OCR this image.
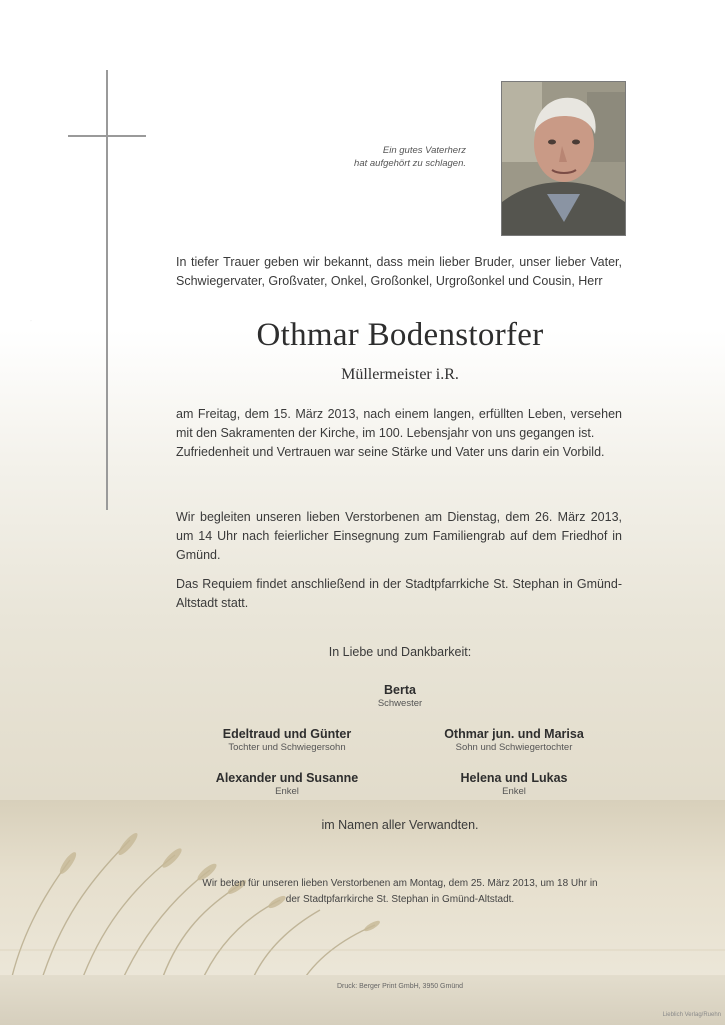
Ein gutes Vaterherz
hat aufgehört zu schlagen.

In tiefer Trauer geben wir bekannt, dass mein lieber Bruder, unser lieber Vater, Schwiegervater, Großvater, Onkel, Großonkel, Urgroßonkel und Cousin, Herr

Othmar Bodenstorfer
Müllermeister i.R.
am Freitag, dem 15. März 2013, nach einem langen, erfüllten Leben, versehen mit den Sakramenten der Kirche, im 100. Lebensjahr von uns gegangen ist.
Zufriedenheit und Vertrauen war seine Stärke und Vater uns darin ein Vorbild.

Wir begleiten unseren lieben Verstorbenen am Dienstag, dem 26. März 2013, um 14 Uhr nach feierlicher Einsegnung zum Familiengrab auf dem Friedhof in Gmünd.

Das Requiem findet anschließend in der Stadtpfarrkiche St. Stephan in Gmünd-Altstadt statt.

In Liebe und Dankbarkeit:
Berta
Schwester
Edeltraud und Günter
Tochter und Schwiegersohn
Othmar jun. und Marisa
Sohn und Schwiegertochter
Alexander und Susanne
Enkel
Helena und Lukas
Enkel
im Namen aller Verwandten.
Wir beten für unseren lieben Verstorbenen am Montag, dem 25. März 2013, um 18 Uhr in
der Stadtpfarrkirche St. Stephan in Gmünd-Altstadt.
Druck: Berger Print GmbH, 3950 Gmünd
Lieblich Verlag/Ruehn
